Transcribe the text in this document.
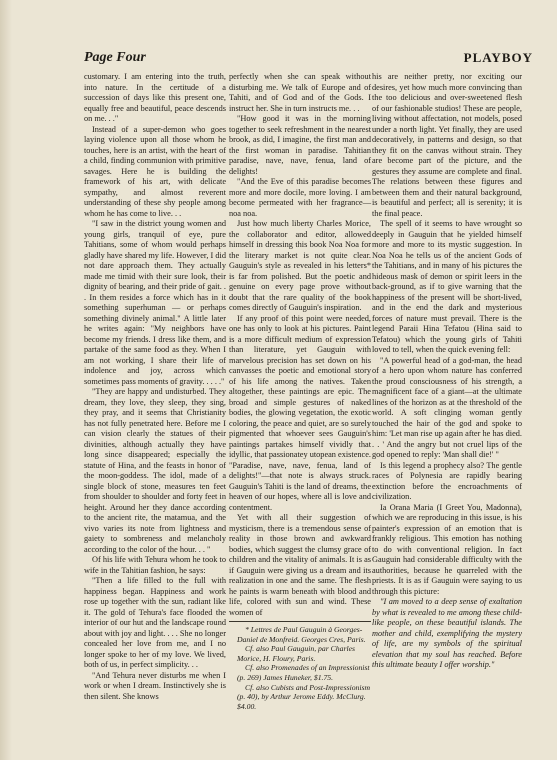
Page Four	PLAYBOY

customary. I am entering into the truth, into nature. In the certitude of a succession of days like this present one, equally free and beautiful, peace descends on me. . ."

Instead of a super-demon who goes laying violence upon all those whom he touches, here is an artist, with the heart of a child, finding communion with primitive savages. Here he is building the framework of his art, with delicate sympathy, and almost reverent understanding of these shy people among whom he has come to live. . .

"I saw in the district young women and young girls, tranquil of eye, pure Tahitians, some of whom would perhaps gladly have shared my life. However, I did not dare approach them. They actually made me timid with their sure look, their dignity of bearing, and their pride of gait. . . In them resides a force which has in it something superhuman — or perhaps something divinely animal." A little later he writes again: "My neighbors have become my friends. I dress like them, and partake of the same food as they. When I am not working, I share their life of indolence and joy, across which sometimes pass moments of gravity. . . . ."

"They are happy and undisturbed. They dream, they love, they sleep, they sing, they pray, and it seems that Christianity has not fully penetrated here. Before me I can vision clearly the statues of their divinities, although actually they have long since disappeared; especially the statute of Hina, and the feasts in honor of the moon-goddess. The idol, made of a single block of stone, measures ten feet from shoulder to shoulder and forty feet in height. Around her they dance according to the ancient rite, the matamua, and the vivo varies its note from lightness and gaiety to sombreness and melancholy according to the color of the hour. . . "

Of his life with Tehura whom he took to wife in the Tahitian fashion, he says:

"Then a life filled to the full with happiness began. Happiness and work rose up together with the sun, radiant like it. The gold of Tehura's face flooded the interior of our hut and the landscape round about with joy and light. . . . She no longer concealed her love from me, and I no longer spoke to her of my love. We lived, both of us, in perfect simplicity. . .

"And Tehura never disturbs me when I work or when I dream. Instinctively she is then silent. She knows

perfectly when she can speak without disturbing me. We talk of Europe and of Tahiti, and of God and of the Gods. I instruct her. She in turn instructs me. . .

"How good it was in the morning together to seek refreshment in the nearest brook, as did, I imagine, the first man and the first woman in paradise. Tahitian paradise, nave, nave, fenua, land of delights!

"And the Eve of this paradise becomes more and more docile, more loving. I am become permeated with her fragrance—noa noa.

Just how much liberty Charles Morice, the collaborator and editor, allowed himself in dressing this book Noa Noa for the literary market is not quite clear. Gauguin's style as revealed in his letters* is far from polished. But the poetic and genuine on every page prove without doubt that the rare quality of the book comes directly of Gauguin's inspiration.

If any proof of this point were needed, one has only to look at his pictures. Paint is a more difficult medium of expression than literature, yet Gauguin with marvelous precision has set down on his canvasses the poetic and emotional story of his life among the natives. Taken altogether, these paintings are epic. The broad and simple gestures of naked bodies, the glowing vegetation, the exotic coloring, the peace and quiet, are so surely pigmented that whoever sees Gauguin's paintings partakes himself vividly that idyllic, that passionatey utopean existence. "Paradise, nave, nave, fenua, land of delights!"—that note is always struck. Gauguin's Tahiti is the land of dreams, the heaven of our hopes, where all is love and contentment.

Yet with all their suggestion of mysticism, there is a tremendous sense of reality in those brown and awkward bodies, which suggest the clumsy grace of children and the vitality of animals. It is as if Gauguin were giving us a dream and its realization in one and the same. The flesh he paints is warm beneath with blood and life, colored with sun and wind. These women of

* Lettres de Paul Gauguin à Georges-Daniel de Monfreid. Georges Cres, Paris.

Cf. also Paul Gauguin, par Charles Morice, H. Floury, Paris.

Cf. also Promenades of an Impressionist (p. 269) James Huneker, $1.75.

Cf. also Cubists and Post-Impressionism (p. 40), by Arthur Jerome Eddy. McClurg. $4.00.

his are neither pretty, nor exciting our desires, yet how much more convincing than the too delicious and over-sweetened flesh of our fashionable studios! These are people, living without affectation, not models, posed under a north light. Yet finally, they are used decoratively, in patterns and design, so that they fit on the canvas without strain. They are become part of the picture, and the gestures they assume are complete and final. The relations between these figures and between them and their natural background, is beautiful and perfect; all is serenity; it is the final peace.

The spell of it seems to have wrought so deeply in Gauguin that he yielded himself more and more to its mystic suggestion. In Noa Noa he tells us of the ancient Gods of the Tahitians, and in many of his pictures the hideous mask of demon or spirit leers in the back-ground, as if to give warning that the happiness of the present will be short-lived, and in the end the dark and mysterious forces of nature must prevail. There is the legend Paraii Hina Tefatou (Hina said to Tefatou) which the young girls of Tahiti loved to tell, when the quick evening fell:

"A powerful head of a god-man, the head of a hero upon whom nature has conferred the proud consciousness of his strength, a magnificent face of a giant—at the ultimate lines of the horizon as at the threshold of the world. A soft clinging woman gently touched the hair of the god and spoke to him: 'Let man rise up again after he has died. . . ' And the angry but not cruel lips of the god opened to reply: 'Man shall die!' "

Is this legend a prophecy also? The gentle races of Polynesia are rapidly bearing extinction before the encroachments of civilization.

Ia Orana Maria (I Greet You, Madonna), which we are reproducing in this issue, is his painter's expression of an emotion that is frankly religious. This emotion has nothing to do with conventional religion. In fact Gauguin had considerable difficulty with the authorities, because he quarreled with the priests. It is as if Gauguin were saying to us through this picture:

"I am moved to a deep sense of exaltation by what is revealed to me among these child-like people, on these beautiful islands. The mother and child, exemplifying the mystery of life, are my symbols of the spiritual elevation that my soul has reached. Before this ultimate beauty I offer worship."
